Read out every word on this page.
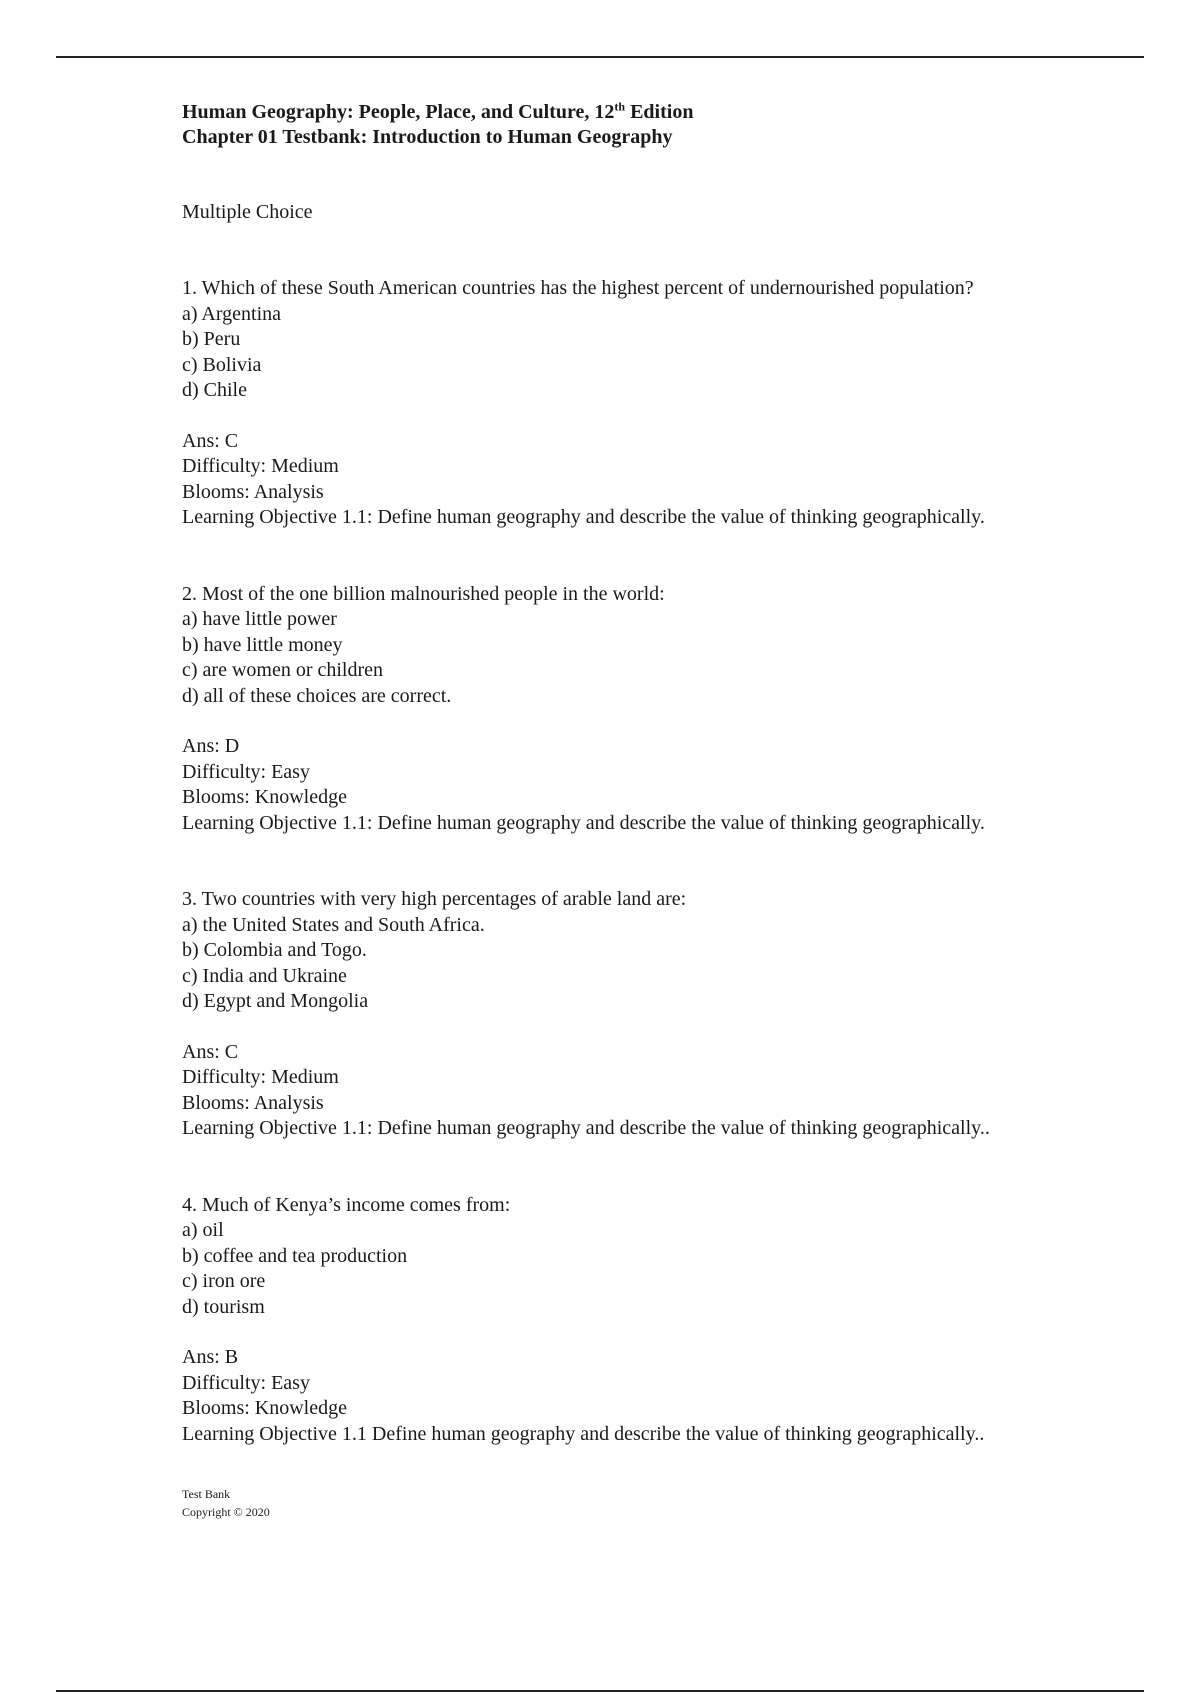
Human Geography: People, Place, and Culture, 12th Edition
Chapter 01 Testbank: Introduction to Human Geography
Multiple Choice

1. Which of these South American countries has the highest percent of undernourished population?

a) Argentina

b) Peru

c) Bolivia

d) Chile

Ans: C

Difficulty: Medium

Blooms: Analysis

Learning Objective 1.1: Define human geography and describe the value of thinking geographically.

2. Most of the one billion malnourished people in the world:

a) have little power

b) have little money

c) are women or children

d) all of these choices are correct.

Ans: D

Difficulty: Easy

Blooms: Knowledge

Learning Objective 1.1: Define human geography and describe the value of thinking geographically.

3. Two countries with very high percentages of arable land are:

a) the United States and South Africa.

b) Colombia and Togo.

c) India and Ukraine

d) Egypt and Mongolia

Ans: C

Difficulty: Medium

Blooms: Analysis

Learning Objective 1.1: Define human geography and describe the value of thinking geographically..

4. Much of Kenya’s income comes from:

a) oil

b) coffee and tea production

c) iron ore

d) tourism

Ans: B

Difficulty: Easy

Blooms: Knowledge

Learning Objective 1.1 Define human geography and describe the value of thinking geographically..

Test Bank

Copyright © 2020
